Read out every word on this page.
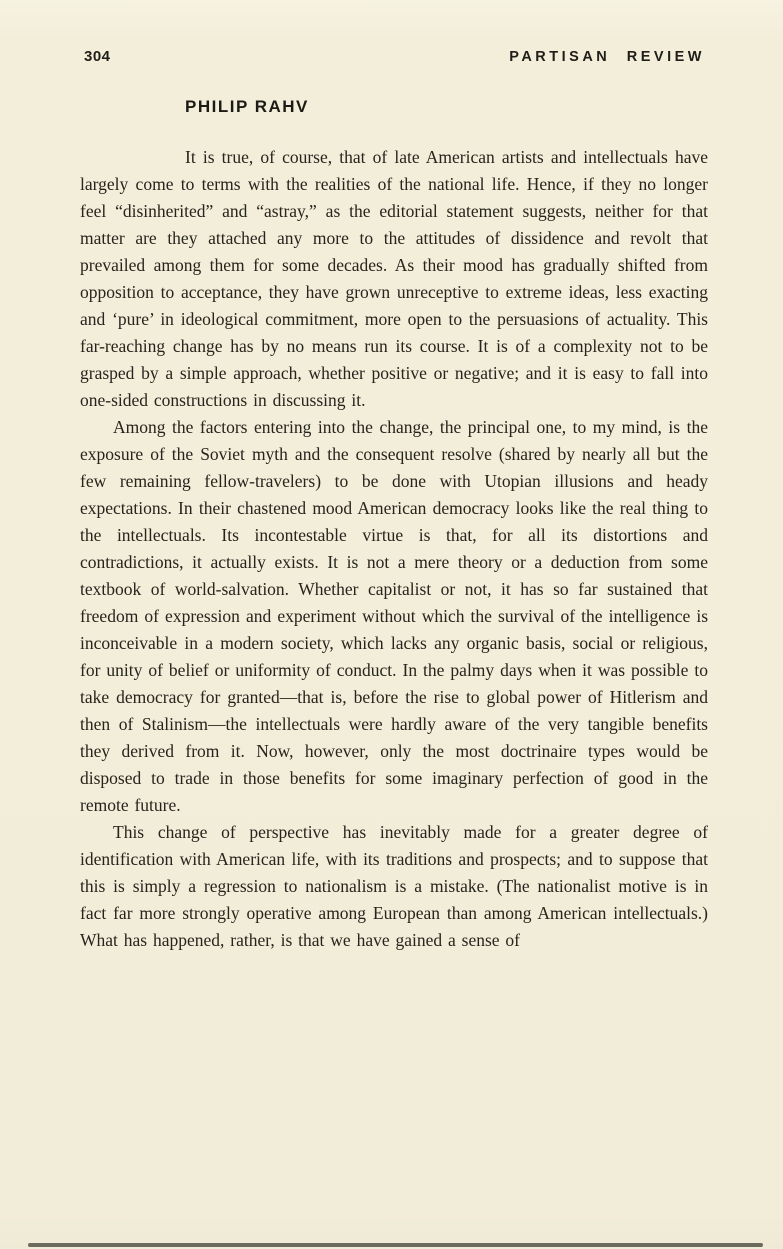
304	PARTISAN REVIEW
PHILIP RAHV

It is true, of course, that of late American artists and intellectuals have largely come to terms with the realities of the national life. Hence, if they no longer feel “disinherited” and “astray,” as the editorial statement suggests, neither for that matter are they attached any more to the attitudes of dissidence and revolt that prevailed among them for some decades. As their mood has gradually shifted from opposition to acceptance, they have grown unreceptive to extreme ideas, less exacting and ‘pure’ in ideological commitment, more open to the persuasions of actuality. This far-reaching change has by no means run its course. It is of a complexity not to be grasped by a simple approach, whether positive or negative; and it is easy to fall into one-sided constructions in discussing it.

Among the factors entering into the change, the principal one, to my mind, is the exposure of the Soviet myth and the consequent resolve (shared by nearly all but the few remaining fellow-travelers) to be done with Utopian illusions and heady expectations. In their chastened mood American democracy looks like the real thing to the intellectuals. Its incontestable virtue is that, for all its distortions and contradictions, it actually exists. It is not a mere theory or a deduction from some textbook of world-salvation. Whether capitalist or not, it has so far sustained that freedom of expression and experiment without which the survival of the intelligence is inconceivable in a modern society, which lacks any organic basis, social or religious, for unity of belief or uniformity of conduct. In the palmy days when it was possible to take democracy for granted—that is, before the rise to global power of Hitlerism and then of Stalinism—the intellectuals were hardly aware of the very tangible benefits they derived from it. Now, however, only the most doctrinaire types would be disposed to trade in those benefits for some imaginary perfection of good in the remote future.

This change of perspective has inevitably made for a greater degree of identification with American life, with its traditions and prospects; and to suppose that this is simply a regression to nationalism is a mistake. (The nationalist motive is in fact far more strongly operative among European than among American intellectuals.) What has happened, rather, is that we have gained a sense of
